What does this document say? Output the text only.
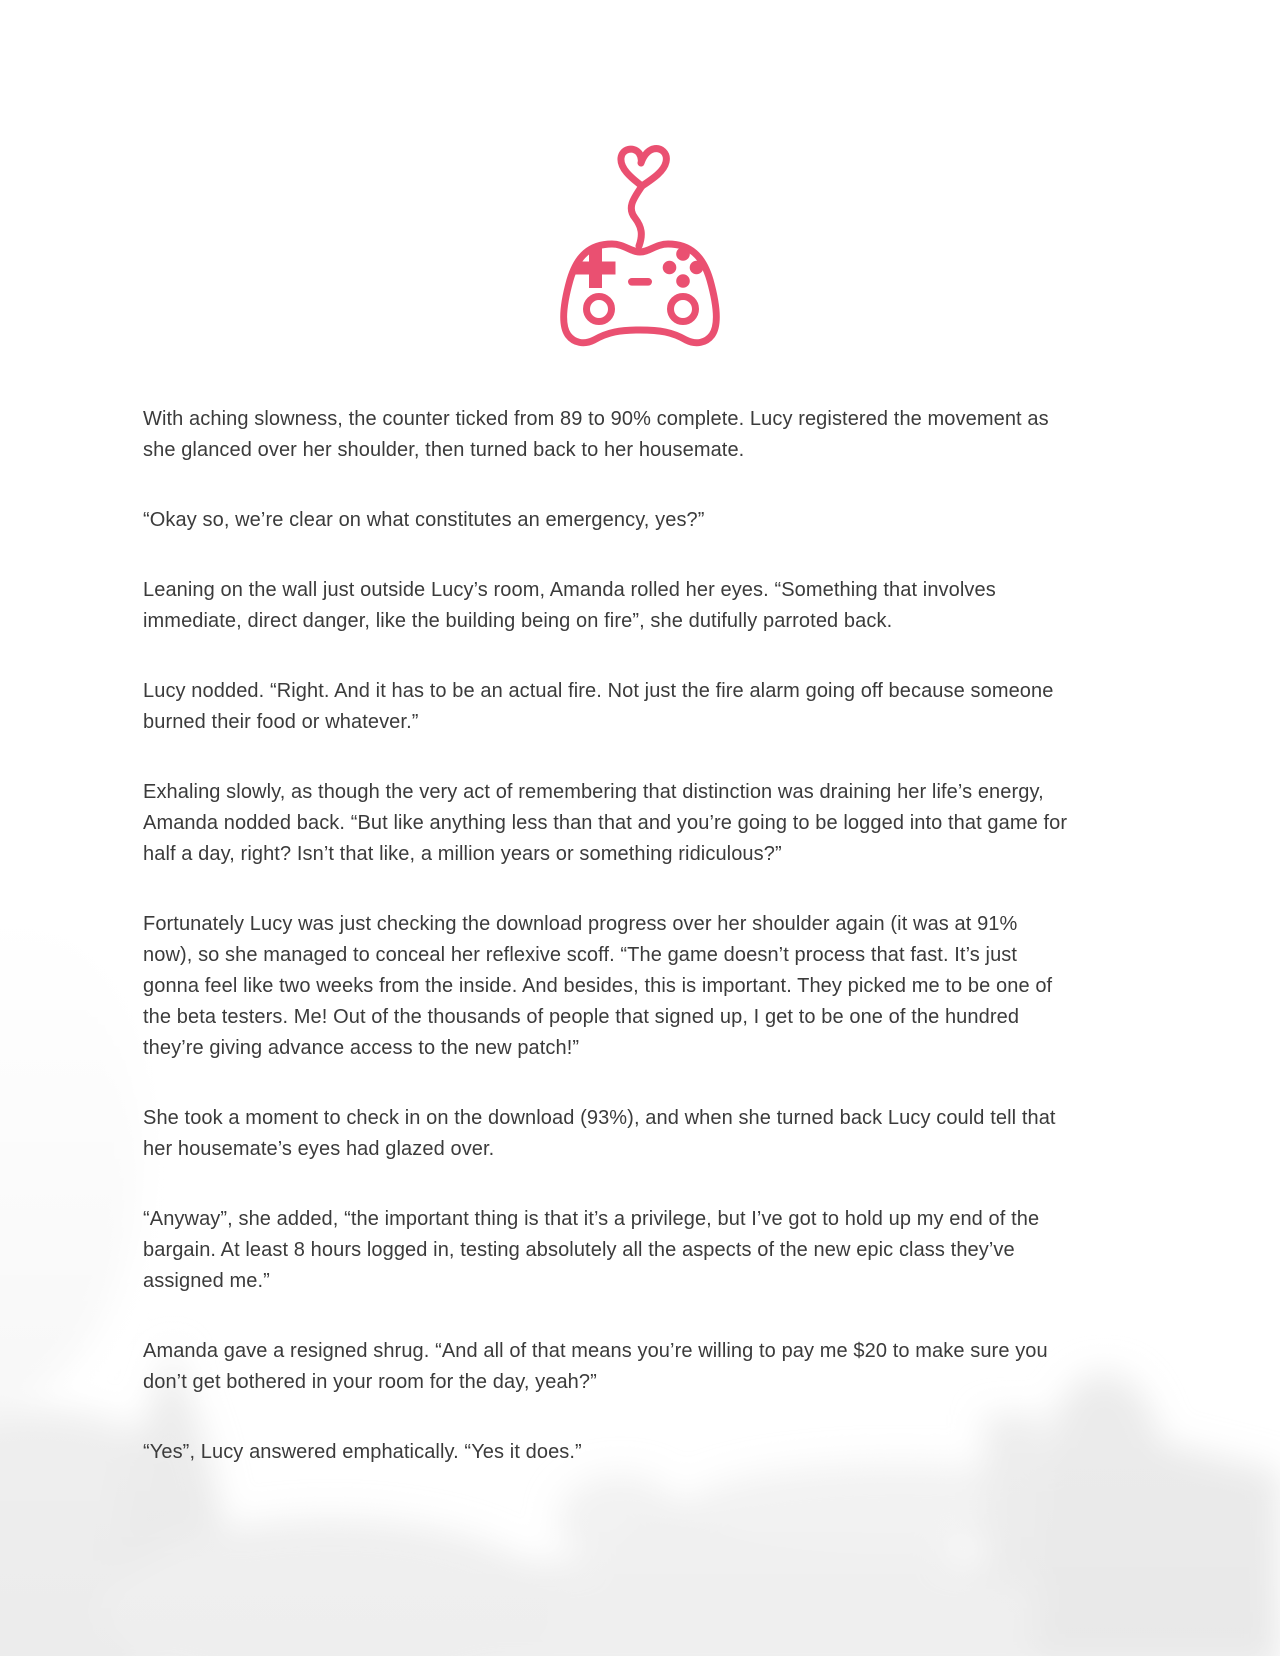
With aching slowness, the counter ticked from 89 to 90% complete. Lucy registered the movement as she glanced over her shoulder, then turned back to her housemate.

“Okay so, we’re clear on what constitutes an emergency, yes?”

Leaning on the wall just outside Lucy’s room, Amanda rolled her eyes. “Something that involves immediate, direct danger, like the building being on fire”, she dutifully parroted back.

Lucy nodded. “Right. And it has to be an actual fire. Not just the fire alarm going off because someone burned their food or whatever.”

Exhaling slowly, as though the very act of remembering that distinction was draining her life’s energy, Amanda nodded back. “But like anything less than that and you’re going to be logged into that game for half a day, right? Isn’t that like, a million years or something ridiculous?”

Fortunately Lucy was just checking the download progress over her shoulder again (it was at 91% now), so she managed to conceal her reflexive scoff. “The game doesn’t process that fast. It’s just gonna feel like two weeks from the inside. And besides, this is important. They picked me to be one of the beta testers. Me! Out of the thousands of people that signed up, I get to be one of the hundred they’re giving advance access to the new patch!”

She took a moment to check in on the download (93%), and when she turned back Lucy could tell that her housemate’s eyes had glazed over.

“Anyway”, she added, “the important thing is that it’s a privilege, but I’ve got to hold up my end of the bargain. At least 8 hours logged in, testing absolutely all the aspects of the new epic class they’ve assigned me.”

Amanda gave a resigned shrug. “And all of that means you’re willing to pay me $20 to make sure you don’t get bothered in your room for the day, yeah?”

“Yes”, Lucy answered emphatically. “Yes it does.”
